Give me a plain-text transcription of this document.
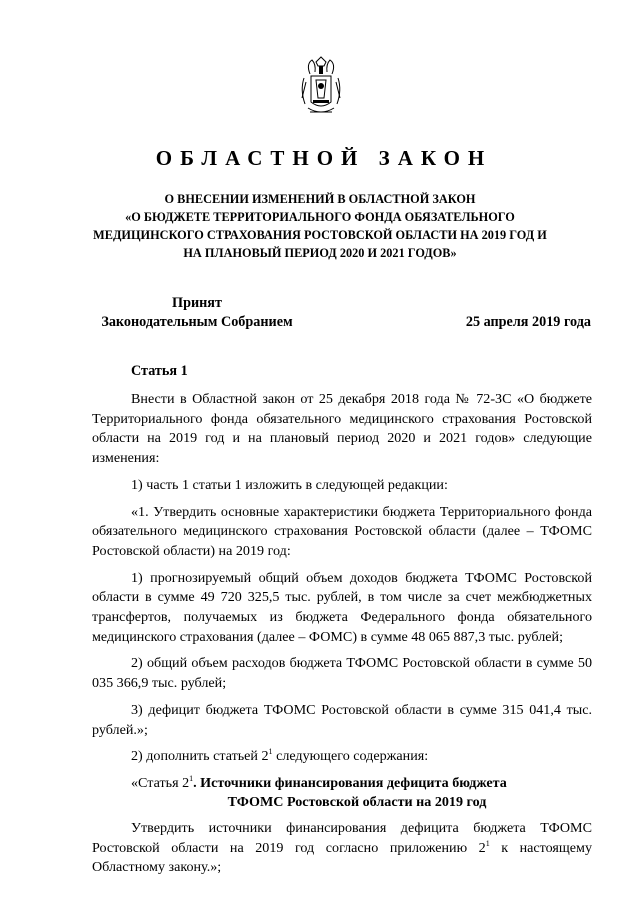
ОБЛАСТНОЙ ЗАКОН
О ВНЕСЕНИИ ИЗМЕНЕНИЙ В ОБЛАСТНОЙ ЗАКОН
«О БЮДЖЕТЕ ТЕРРИТОРИАЛЬНОГО ФОНДА ОБЯЗАТЕЛЬНОГО
МЕДИЦИНСКОГО СТРАХОВАНИЯ РОСТОВСКОЙ ОБЛАСТИ НА 2019 ГОД И
НА ПЛАНОВЫЙ ПЕРИОД 2020 И 2021 ГОДОВ»
Принят
Законодательным Собранием	25 апреля 2019 года
Статья 1

Внести в Областной закон от 25 декабря 2018 года № 72-ЗС «О бюджете Территориального фонда обязательного медицинского страхования Ростовской области на 2019 год и на плановый период 2020 и 2021 годов» следующие изменения:

1) часть 1 статьи 1 изложить в следующей редакции:

«1. Утвердить основные характеристики бюджета Территориального фонда обязательного медицинского страхования Ростовской области (далее – ТФОМС Ростовской области) на 2019 год:

1) прогнозируемый общий объем доходов бюджета ТФОМС Ростовской области в сумме 49 720 325,5 тыс. рублей, в том числе за счет межбюджетных трансфертов, получаемых из бюджета Федерального фонда обязательного медицинского страхования (далее – ФОМС) в сумме 48 065 887,3 тыс. рублей;

2) общий объем расходов бюджета ТФОМС Ростовской области в сумме 50 035 366,9 тыс. рублей;

3) дефицит бюджета ТФОМС Ростовской области в сумме 315 041,4 тыс. рублей.»;

2) дополнить статьей $2^1$ следующего содержания:

«Статья $2^1$. Источники финансирования дефицита бюджета
ТФОМС Ростовской области на 2019 год

Утвердить источники финансирования дефицита бюджета ТФОМС Ростовской области на 2019 год согласно приложению $2^1$ к настоящему Областному закону.»;
